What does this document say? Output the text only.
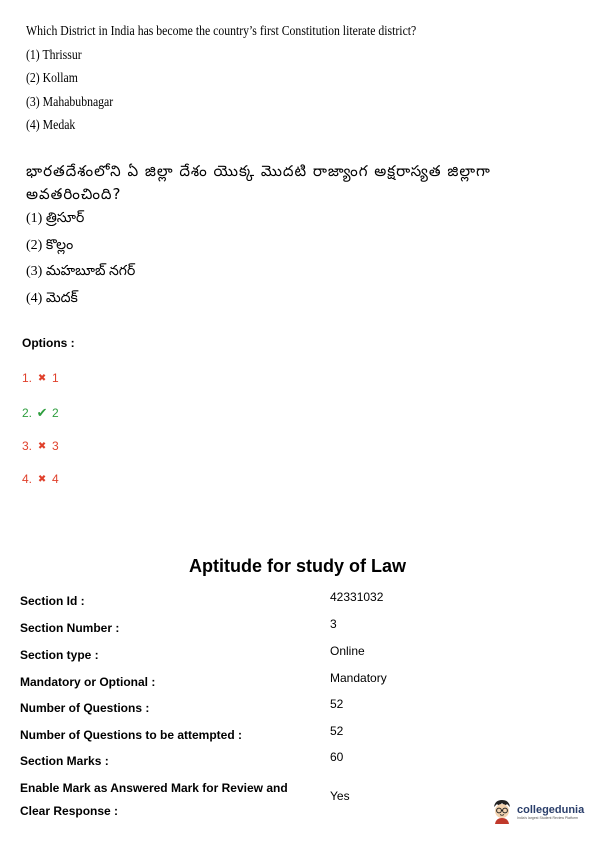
Which District in India has become the country’s first Constitution literate district?
(1) Thrissur
(2) Kollam
(3) Mahabubnagar
(4) Medak
భారతదేశంలోని ఏ జిల్లా దేశం యొక్క మొదటి రాజ్యాంగ అక్షరాస్యత జిల్లాగా
అవతరించింది?
(1) త్రిసూర్
(2) కొల్లం
(3) మహబూబ్ నగర్
(4) మెదక్
Options :
1. ✖ 1
2. ✔ 2
3. ✖ 3
4. ✖ 4
Aptitude for study of Law
Section Id :	42331032
Section Number :	3
Section type :	Online
Mandatory or Optional :	Mandatory
Number of Questions :	52
Number of Questions to be attempted :	52
Section Marks :	60
Enable Mark as Answered Mark for Review and
Clear Response :
Yes
collegedunia
India's largest Student Review Platform
